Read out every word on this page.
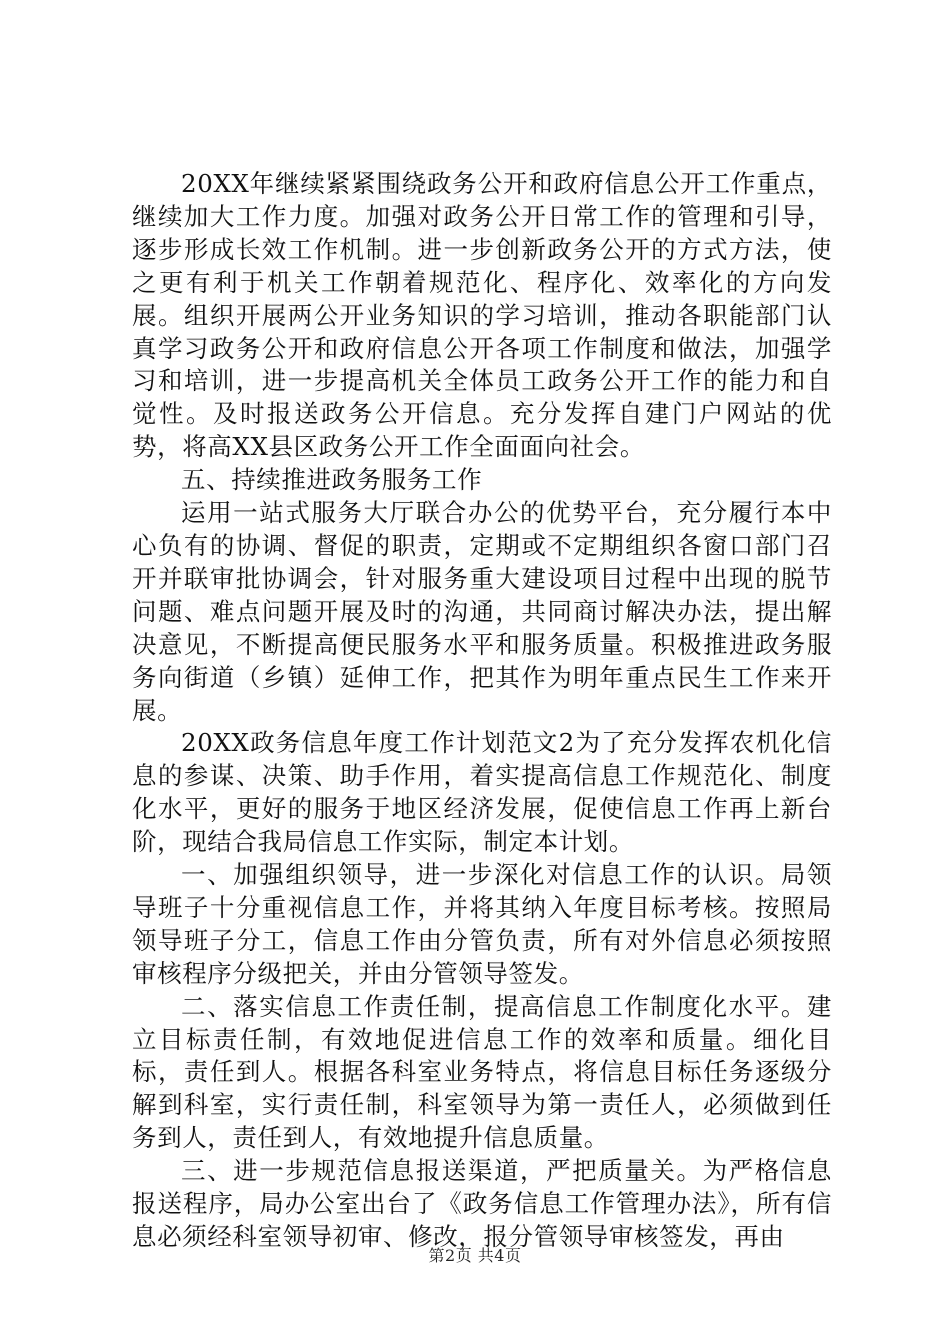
20XX年继续紧紧围绕政务公开和政府信息公开工作重点，继续加大工作力度。加强对政务公开日常工作的管理和引导，逐步形成长效工作机制。进一步创新政务公开的方式方法，使之更有利于机关工作朝着规范化、程序化、效率化的方向发展。组织开展两公开业务知识的学习培训，推动各职能部门认真学习政务公开和政府信息公开各项工作制度和做法，加强学习和培训，进一步提高机关全体员工政务公开工作的能力和自觉性。及时报送政务公开信息。充分发挥自建门户网站的优势，将高XX县区政务公开工作全面面向社会。

五、持续推进政务服务工作

运用一站式服务大厅联合办公的优势平台，充分履行本中心负有的协调、督促的职责，定期或不定期组织各窗口部门召开并联审批协调会，针对服务重大建设项目过程中出现的脱节问题、难点问题开展及时的沟通，共同商讨解决办法，提出解决意见，不断提高便民服务水平和服务质量。积极推进政务服务向街道（乡镇）延伸工作，把其作为明年重点民生工作来开展。

20XX政务信息年度工作计划范文2为了充分发挥农机化信息的参谋、决策、助手作用，着实提高信息工作规范化、制度化水平，更好的服务于地区经济发展，促使信息工作再上新台阶，现结合我局信息工作实际，制定本计划。

一、加强组织领导，进一步深化对信息工作的认识。局领导班子十分重视信息工作，并将其纳入年度目标考核。按照局领导班子分工，信息工作由分管负责，所有对外信息必须按照审核程序分级把关，并由分管领导签发。

二、落实信息工作责任制，提高信息工作制度化水平。建立目标责任制，有效地促进信息工作的效率和质量。细化目标，责任到人。根据各科室业务特点，将信息目标任务逐级分解到科室，实行责任制，科室领导为第一责任人，必须做到任务到人，责任到人，有效地提升信息质量。

三、进一步规范信息报送渠道，严把质量关。为严格信息报送程序，局办公室出台了《政务信息工作管理办法》，所有信息必须经科室领导初审、修改，报分管领导审核签发，再由

第2页 共4页
